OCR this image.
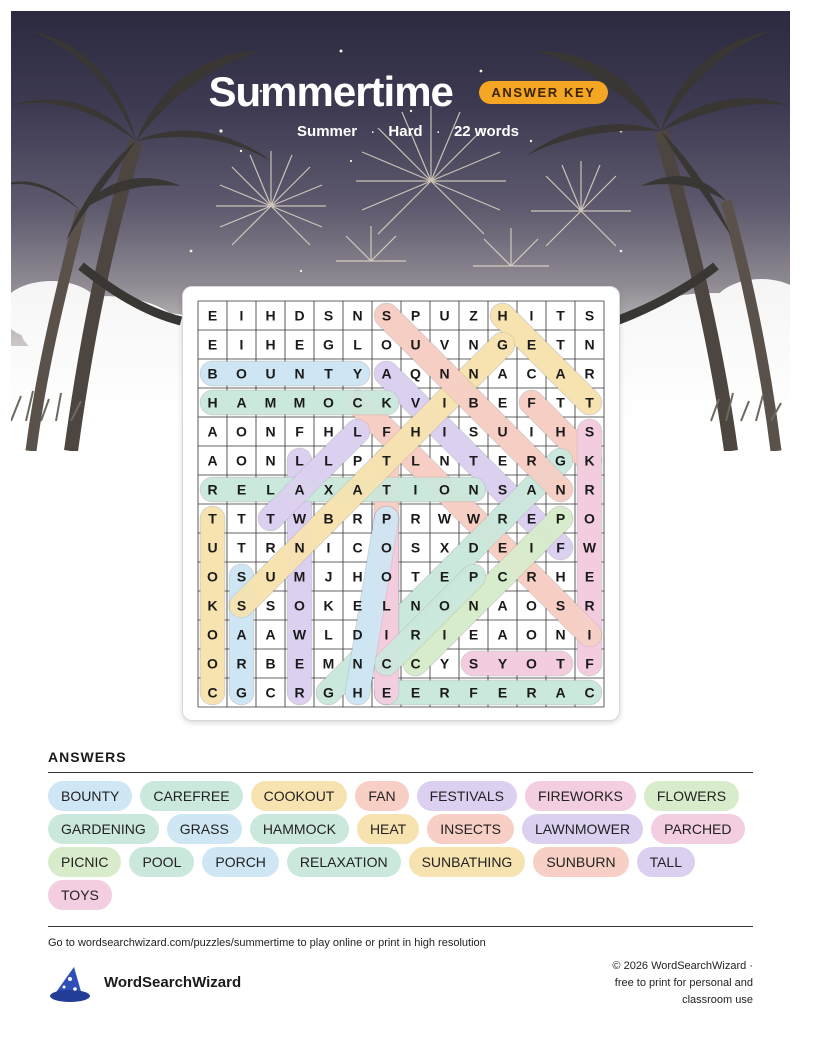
Summertime	ANSWER KEY
Summer · Hard · 22 words
E I H D S N S P U Z H I T S
E I H E G L O U V N G E T N
B O U N T Y A Q N N A C A R
H A M M O C K V I B E F T T
A O N F H L F H I S U I H S
A O N L L P T L N T E R G K
R E L A X A T I O N S A N R
T T T W B R P R W W R E P O
U T R N I C O S X D E I F W
O S U M J H O T E P C R H E
K S S O K E L N O N A O S R
O A A W L D I R I E A O N I
O R B E M N C C Y S Y O T F
C G C R G H E E R F E R A C
ANSWERS
BOUNTY CAREFREE COOKOUT FAN FESTIVALS FIREWORKS FLOWERSGARDENING GRASS HAMMOCK HEAT INSECTS LAWNMOWER PARCHEDPICNIC POOL PORCH RELAXATION SUNBATHING SUNBURN TALLTOYS
Go to wordsearchwizard.com/puzzles/summertime to play online or print in high resolution
WordSearchWizard
© 2026 WordSearchWizard ·
free to print for personal and
classroom use
